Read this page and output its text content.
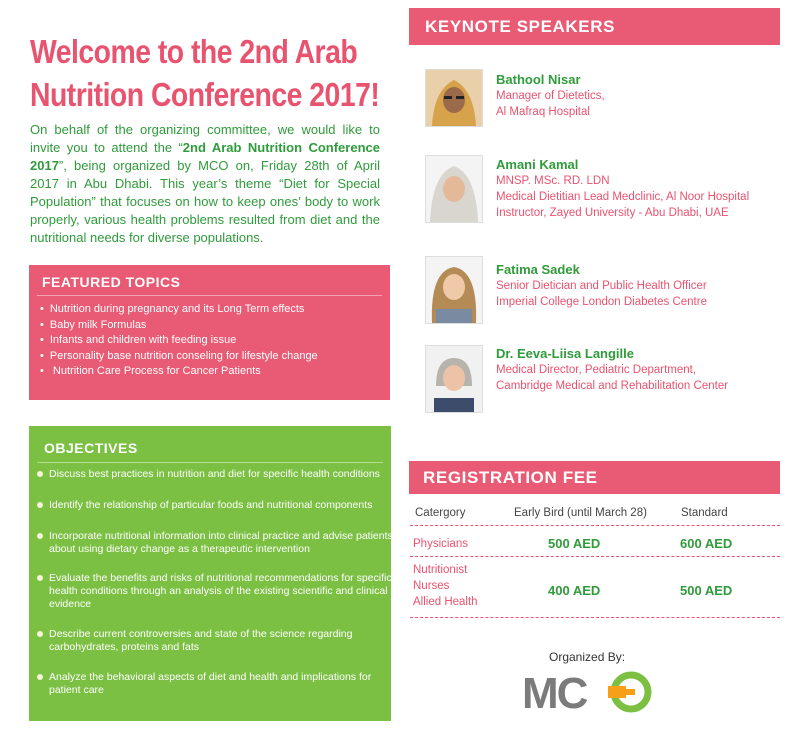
Welcome to the 2nd Arab Nutrition Conference 2017!
On behalf of the organizing committee, we would like to invite you to attend the “2nd Arab Nutrition Conference 2017”, being organized by MCO on, Friday 28th of April 2017 in Abu Dhabi. This year’s theme “Diet for Special Population” that focuses on how to keep ones’ body to work properly, various health problems resulted from diet and the nutritional needs for diverse populations.
FEATURED TOPICS
• Nutrition during pregnancy and its Long Term effects
• Baby milk Formulas
• Infants and children with feeding issue
• Personality base nutrition conseling for lifestyle change
• Nutrition Care Process for Cancer Patients
OBJECTIVES
Discuss best practices in nutrition and diet for specific health conditions
Identify the relationship of particular foods and nutritional components
Incorporate nutritional information into clinical practice and advise patients about using dietary change as a therapeutic intervention
Evaluate the benefits and risks of nutritional recommendations for specific health conditions through an analysis of the existing scientific and clinical evidence
Describe current controversies and state of the science regarding carbohydrates, proteins and fats
Analyze the behavioral aspects of diet and health and implications for patient care
KEYNOTE SPEAKERS
Bathool Nisar
Manager of Dietetics,
Al Mafraq Hospital
Amani Kamal
MNSP. MSc. RD. LDN
Medical Dietitian Lead Medclinic, Al Noor Hospital
Instructor, Zayed University - Abu Dhabi, UAE
Fatima Sadek
Senior Dietician and Public Health Officer
Imperial College London Diabetes Centre
Dr. Eeva-Liisa Langille
Medical Director, Pediatric Department,
Cambridge Medical and Rehabilitation Center
REGISTRATION FEE
Catergory	Early Bird (until March 28)	Standard
Physicians	500 AED	600 AED
Nutritionist
Nurses
Allied Health
400 AED	500 AED
Organized By:
MC
